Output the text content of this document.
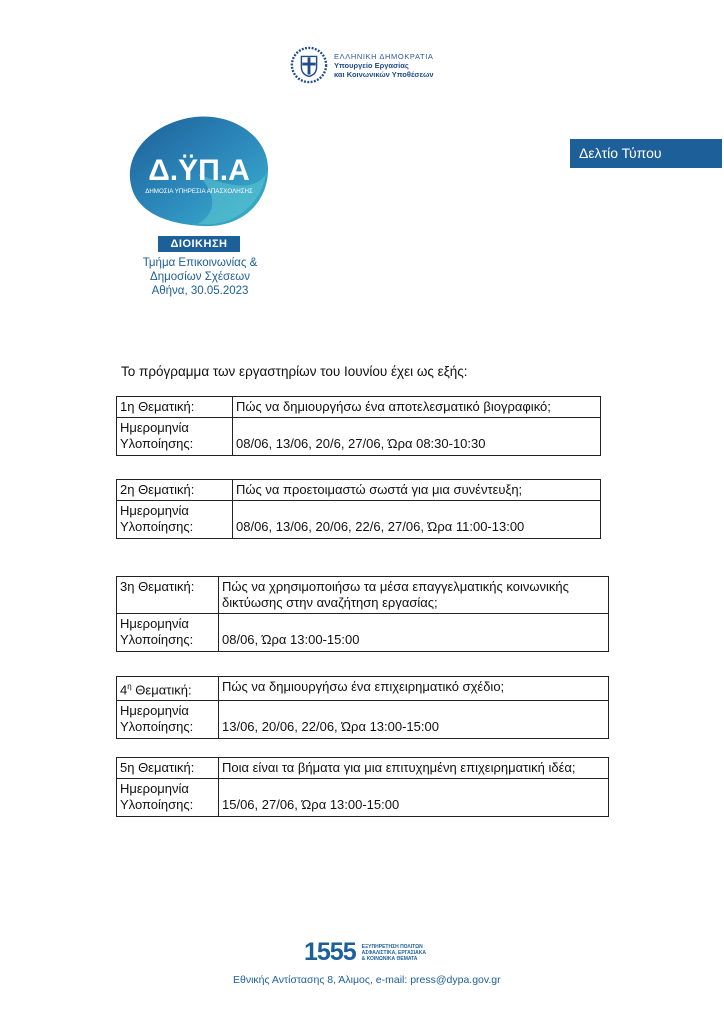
ΕΛΛΗΝΙΚΗ ΔΗΜΟΚΡΑΤΙΑ
Υπουργείο Εργασίας
και Κοινωνικών Υποθέσεων
Δ.ΫΠ.Α
ΔΗΜΟΣΙΑ ΥΠΗΡΕΣΙΑ ΑΠΑΣΧΟΛΗΣΗΣ
ΔΙΟΙΚΗΣΗ
Τμήμα Επικοινωνίας &
Δημοσίων Σχέσεων
Αθήνα, 30.05.2023
Δελτίο Τύπου
Το πρόγραμμα των εργαστηρίων του Ιουνίου έχει ως εξής:
1η Θεματική:	Πώς να δημιουργήσω ένα αποτελεσματικό βιογραφικό;
Ημερομηνία
Υλοποίησης:	08/06, 13/06, 20/6, 27/06, Ώρα 08:30-10:30
2η Θεματική:	Πώς να προετοιμαστώ σωστά για μια συνέντευξη;
Ημερομηνία
Υλοποίησης:	08/06, 13/06, 20/06, 22/6, 27/06, Ώρα 11:00-13:00
3η Θεματική:	Πώς να χρησιμοποιήσω τα μέσα επαγγελματικής κοινωνικής δικτύωσης στην αναζήτηση εργασίας;
Ημερομηνία
Υλοποίησης:	08/06, Ώρα 13:00-15:00
$4^\eta$ Θεματική:	Πώς να δημιουργήσω ένα επιχειρηματικό σχέδιο;
Ημερομηνία
Υλοποίησης:	13/06, 20/06, 22/06, Ώρα 13:00-15:00
5η Θεματική:	Ποια είναι τα βήματα για μια επιτυχημένη επιχειρηματική ιδέα;
Ημερομηνία
Υλοποίησης:	15/06, 27/06, Ώρα 13:00-15:00
1555 ΕΞΥΠΗΡΕΤΗΣΗ ΠΟΛΙΤΩΝ
ΑΣΦΑΛΙΣΤΙΚΑ, ΕΡΓΑΣΙΑΚΑ
& ΚΟΙΝΩΝΙΚΑ ΘΕΜΑΤΑ
Εθνικής Αντίστασης 8, Άλιμος, e-mail: press@dypa.gov.gr
